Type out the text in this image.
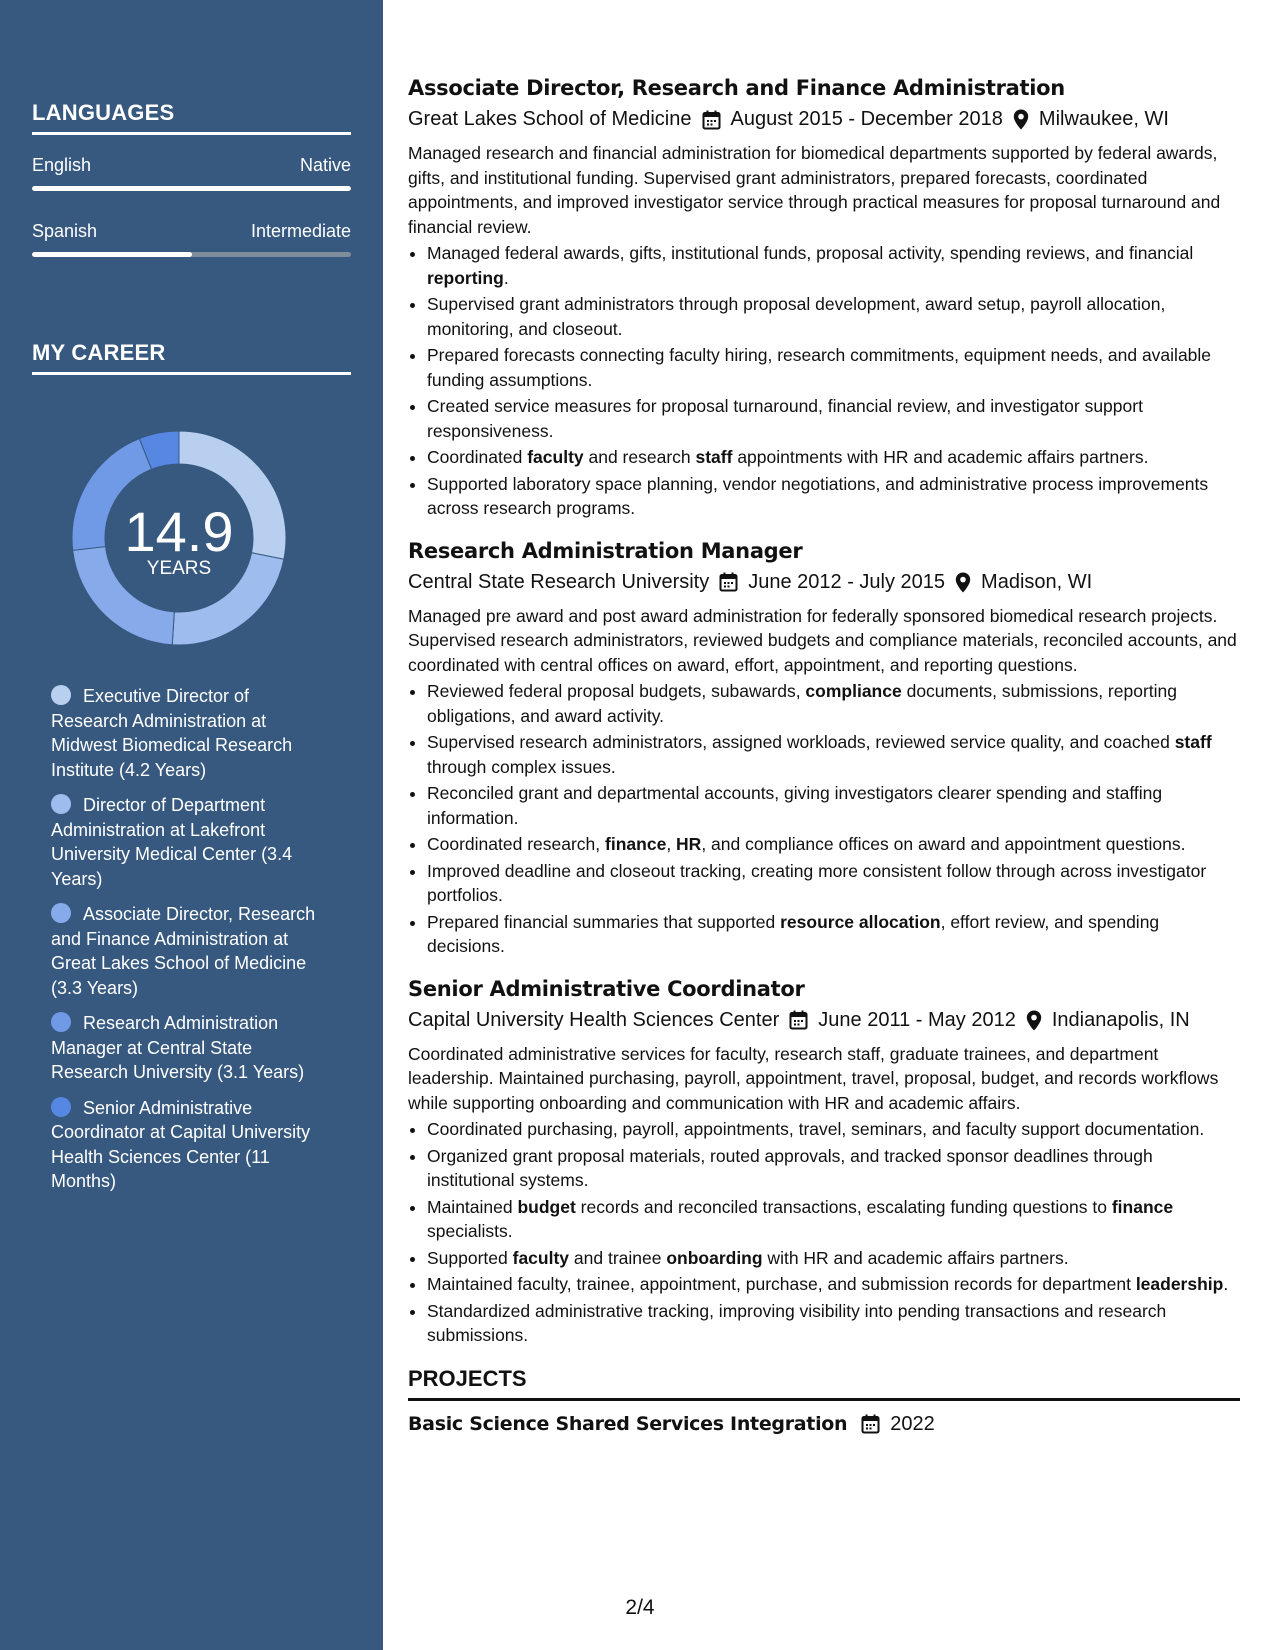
LANGUAGES
English	Native
Spanish	Intermediate
MY CAREER
14.9
YEARS
Executive Director of Research Administration at Midwest Biomedical Research Institute (4.2 Years)
Director of Department Administration at Lakefront University Medical Center (3.4 Years)
Associate Director, Research and Finance Administration at Great Lakes School of Medicine (3.3 Years)
Research Administration Manager at Central State Research University (3.1 Years)
Senior Administrative Coordinator at Capital University Health Sciences Center (11 Months)
Associate Director, Research and Finance Administration
Great Lakes School of Medicine August 2015 - December 2018 Milwaukee, WI

Managed research and financial administration for biomedical departments supported by federal awards, gifts, and institutional funding. Supervised grant administrators, prepared forecasts, coordinated appointments, and improved investigator service through practical measures for proposal turnaround and financial review.

• Managed federal awards, gifts, institutional funds, proposal activity, spending reviews, and financial reporting.
• Supervised grant administrators through proposal development, award setup, payroll allocation, monitoring, and closeout.
• Prepared forecasts connecting faculty hiring, research commitments, equipment needs, and available funding assumptions.
• Created service measures for proposal turnaround, financial review, and investigator support responsiveness.
• Coordinated faculty and research staff appointments with HR and academic affairs partners.
• Supported laboratory space planning, vendor negotiations, and administrative process improvements across research programs.
Research Administration Manager
Central State Research University June 2012 - July 2015 Madison, WI

Managed pre award and post award administration for federally sponsored biomedical research projects. Supervised research administrators, reviewed budgets and compliance materials, reconciled accounts, and coordinated with central offices on award, effort, appointment, and reporting questions.

• Reviewed federal proposal budgets, subawards, compliance documents, submissions, reporting obligations, and award activity.
• Supervised research administrators, assigned workloads, reviewed service quality, and coached staff through complex issues.
• Reconciled grant and departmental accounts, giving investigators clearer spending and staffing information.
• Coordinated research, finance, HR, and compliance offices on award and appointment questions.
• Improved deadline and closeout tracking, creating more consistent follow through across investigator portfolios.
• Prepared financial summaries that supported resource allocation, effort review, and spending decisions.
Senior Administrative Coordinator
Capital University Health Sciences Center June 2011 - May 2012 Indianapolis, IN

Coordinated administrative services for faculty, research staff, graduate trainees, and department leadership. Maintained purchasing, payroll, appointment, travel, proposal, budget, and records workflows while supporting onboarding and communication with HR and academic affairs.

• Coordinated purchasing, payroll, appointments, travel, seminars, and faculty support documentation.
• Organized grant proposal materials, routed approvals, and tracked sponsor deadlines through institutional systems.
• Maintained budget records and reconciled transactions, escalating funding questions to finance specialists.
• Supported faculty and trainee onboarding with HR and academic affairs partners.
• Maintained faculty, trainee, appointment, purchase, and submission records for department leadership.
• Standardized administrative tracking, improving visibility into pending transactions and research submissions.
PROJECTS
Basic Science Shared Services Integration 2022
2/4
